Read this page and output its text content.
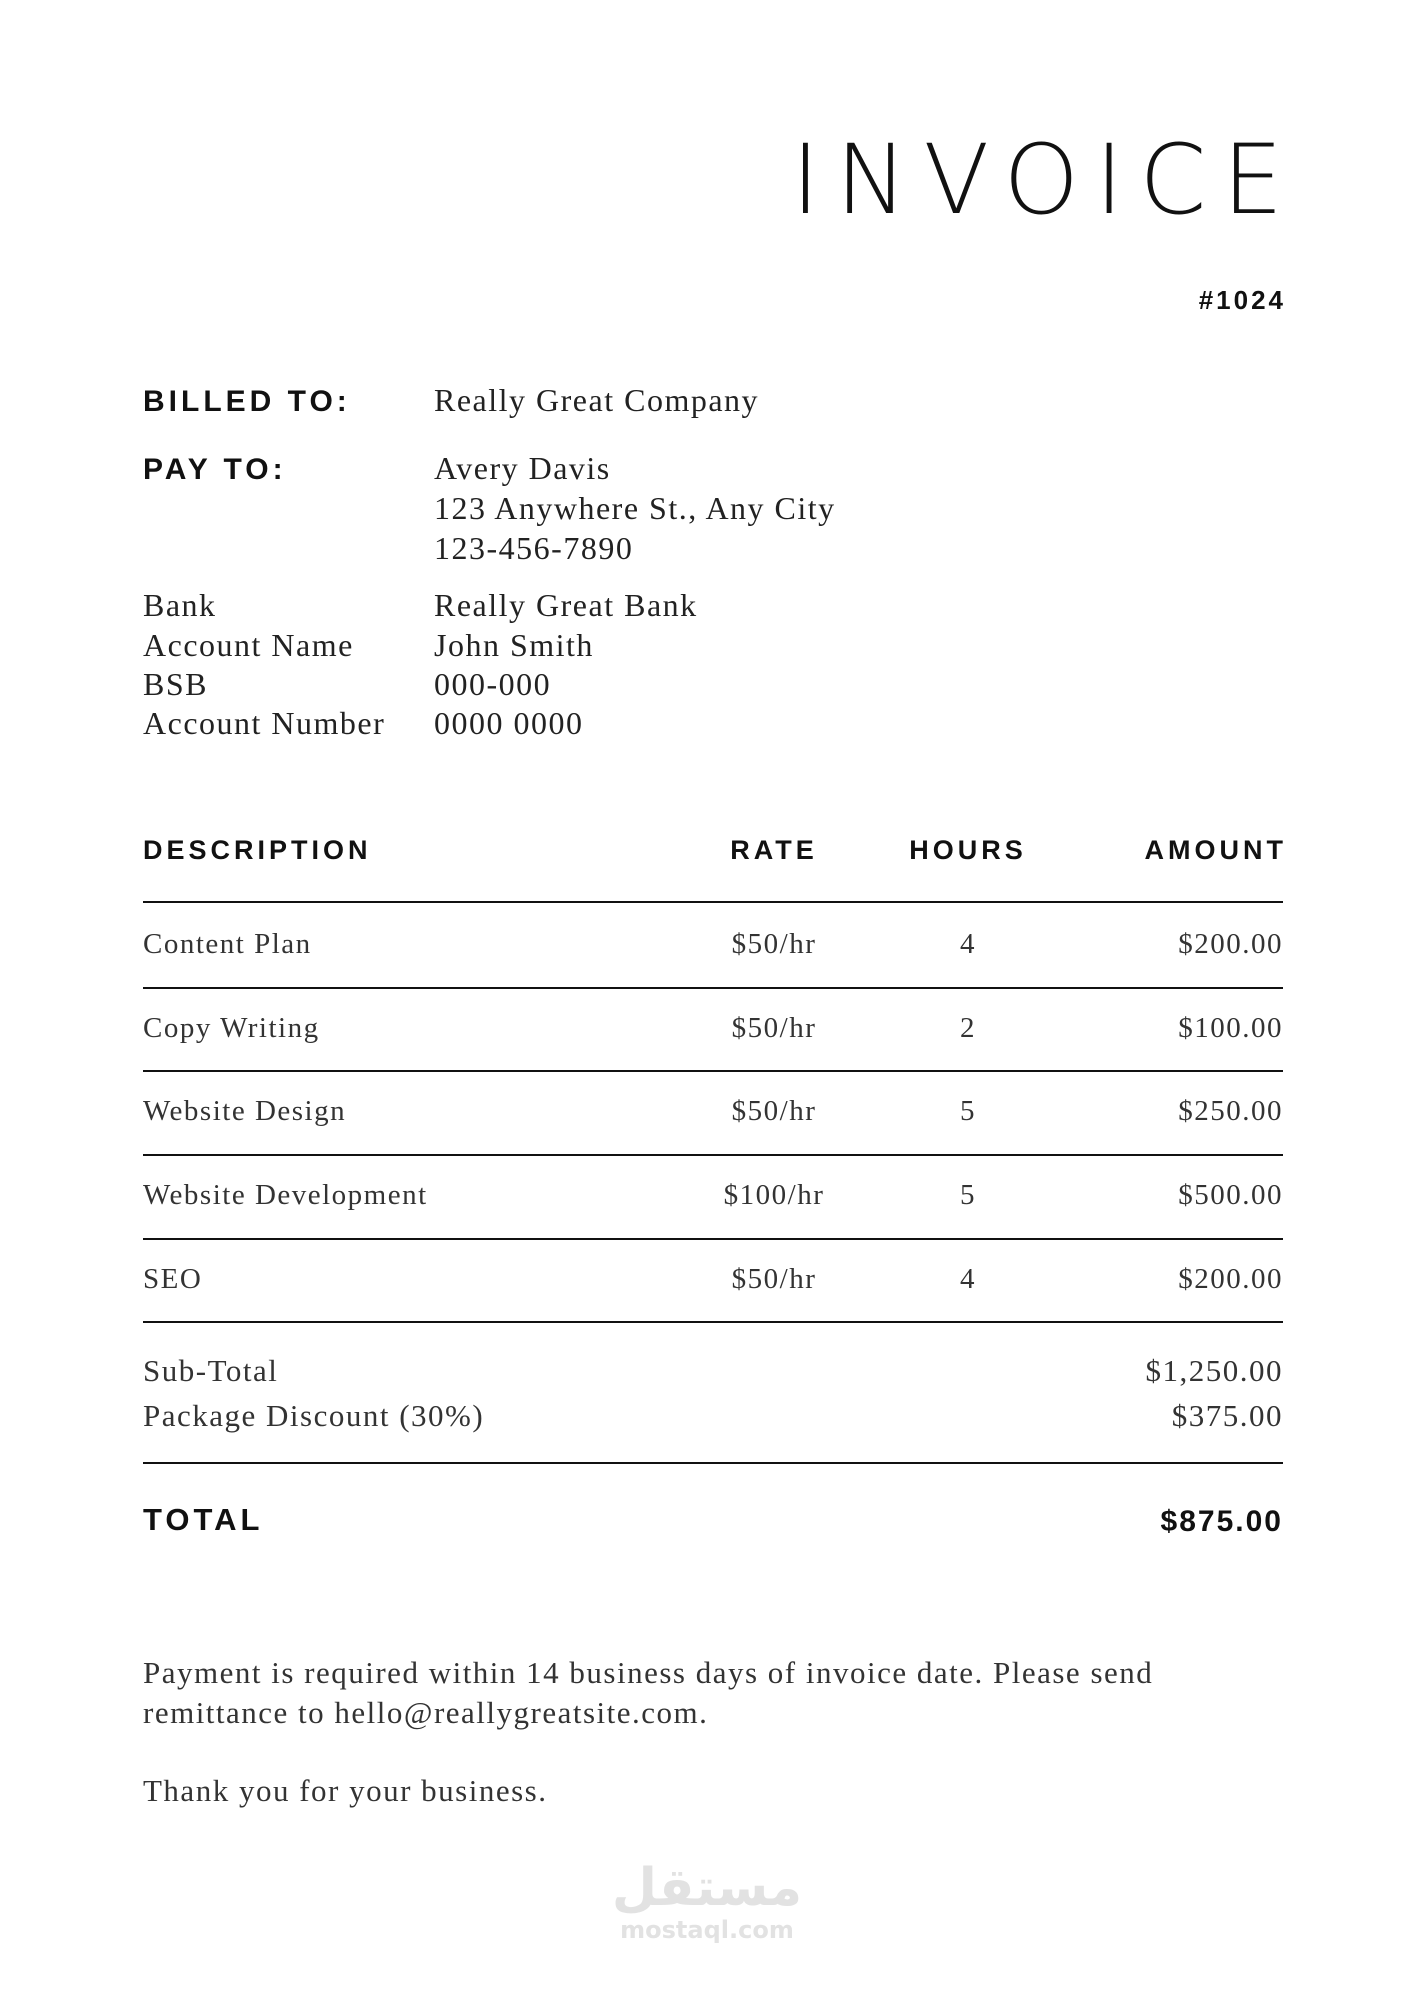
INVOICE
#1024
BILLED TO:	Really Great Company
PAY TO:	Avery Davis
123 Anywhere St., Any City
123-456-7890
Bank	Really Great Bank
Account Name	John Smith
BSB	000-000
Account Number 0000 0000
DESCRIPTION	RATE	HOURS	AMOUNT
Content Plan	$50/hr	4	$200.00
Copy Writing	$50/hr	2	$100.00
Website Design	$50/hr	5	$250.00
Website Development	$100/hr	5	$500.00
SEO	$50/hr	4	$200.00
Sub-Total	$1,250.00
Package Discount (30%)	$375.00
TOTAL	$875.00
Payment is required within 14 business days of invoice date. Please send remittance to hello@reallygreatsite.com.
Thank you for your business.
مستقل
mostaql.com
